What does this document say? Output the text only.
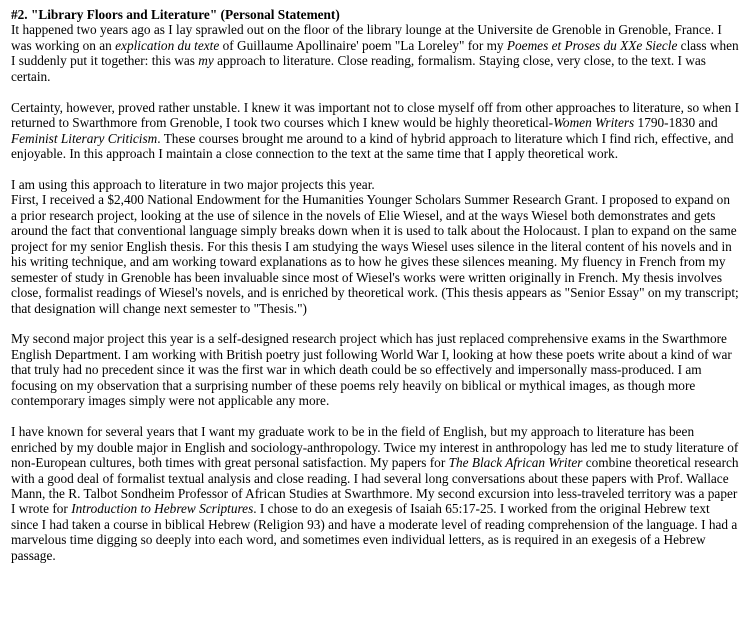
#2. "Library Floors and Literature" (Personal Statement)

It happened two years ago as I lay sprawled out on the floor of the library lounge at the Universite de Grenoble in Grenoble, France. I was working on an explication du texte of Guillaume Apollinaire' poem "La Loreley" for my Poemes et Proses du XXe Siecle class when I suddenly put it together: this was my approach to literature. Close reading, formalism. Staying close, very close, to the text. I was certain.

Certainty, however, proved rather unstable. I knew it was important not to close myself off from other approaches to literature, so when I returned to Swarthmore from Grenoble, I took two courses which I knew would be highly theoretical-Women Writers 1790-1830 and Feminist Literary Criticism. These courses brought me around to a kind of hybrid approach to literature which I find rich, effective, and enjoyable. In this approach I maintain a close connection to the text at the same time that I apply theoretical work.

I am using this approach to literature in two major projects this year.

First, I received a $2,400 National Endowment for the Humanities Younger Scholars Summer Research Grant. I proposed to expand on a prior research project, looking at the use of silence in the novels of Elie Wiesel, and at the ways Wiesel both demonstrates and gets around the fact that conventional language simply breaks down when it is used to talk about the Holocaust. I plan to expand on the same project for my senior English thesis. For this thesis I am studying the ways Wiesel uses silence in the literal content of his novels and in his writing technique, and am working toward explanations as to how he gives these silences meaning. My fluency in French from my semester of study in Grenoble has been invaluable since most of Wiesel's works were written originally in French. My thesis involves close, formalist readings of Wiesel's novels, and is enriched by theoretical work. (This thesis appears as "Senior Essay" on my transcript; that designation will change next semester to "Thesis.")

My second major project this year is a self-designed research project which has just replaced comprehensive exams in the Swarthmore English Department. I am working with British poetry just following World War I, looking at how these poets write about a kind of war that truly had no precedent since it was the first war in which death could be so effectively and impersonally mass-produced. I am focusing on my observation that a surprising number of these poems rely heavily on biblical or mythical images, as though more contemporary images simply were not applicable any more.

I have known for several years that I want my graduate work to be in the field of English, but my approach to literature has been enriched by my double major in English and sociology-anthropology. Twice my interest in anthropology has led me to study literature of non-European cultures, both times with great personal satisfaction. My papers for The Black African Writer combine theoretical research with a good deal of formalist textual analysis and close reading. I had several long conversations about these papers with Prof. Wallace Mann, the R. Talbot Sondheim Professor of African Studies at Swarthmore. My second excursion into less-traveled territory was a paper I wrote for Introduction to Hebrew Scriptures. I chose to do an exegesis of Isaiah 65:17-25. I worked from the original Hebrew text since I had taken a course in biblical Hebrew (Religion 93) and have a moderate level of reading comprehension of the language. I had a marvelous time digging so deeply into each word, and sometimes even individual letters, as is required in an exegesis of a Hebrew passage.
